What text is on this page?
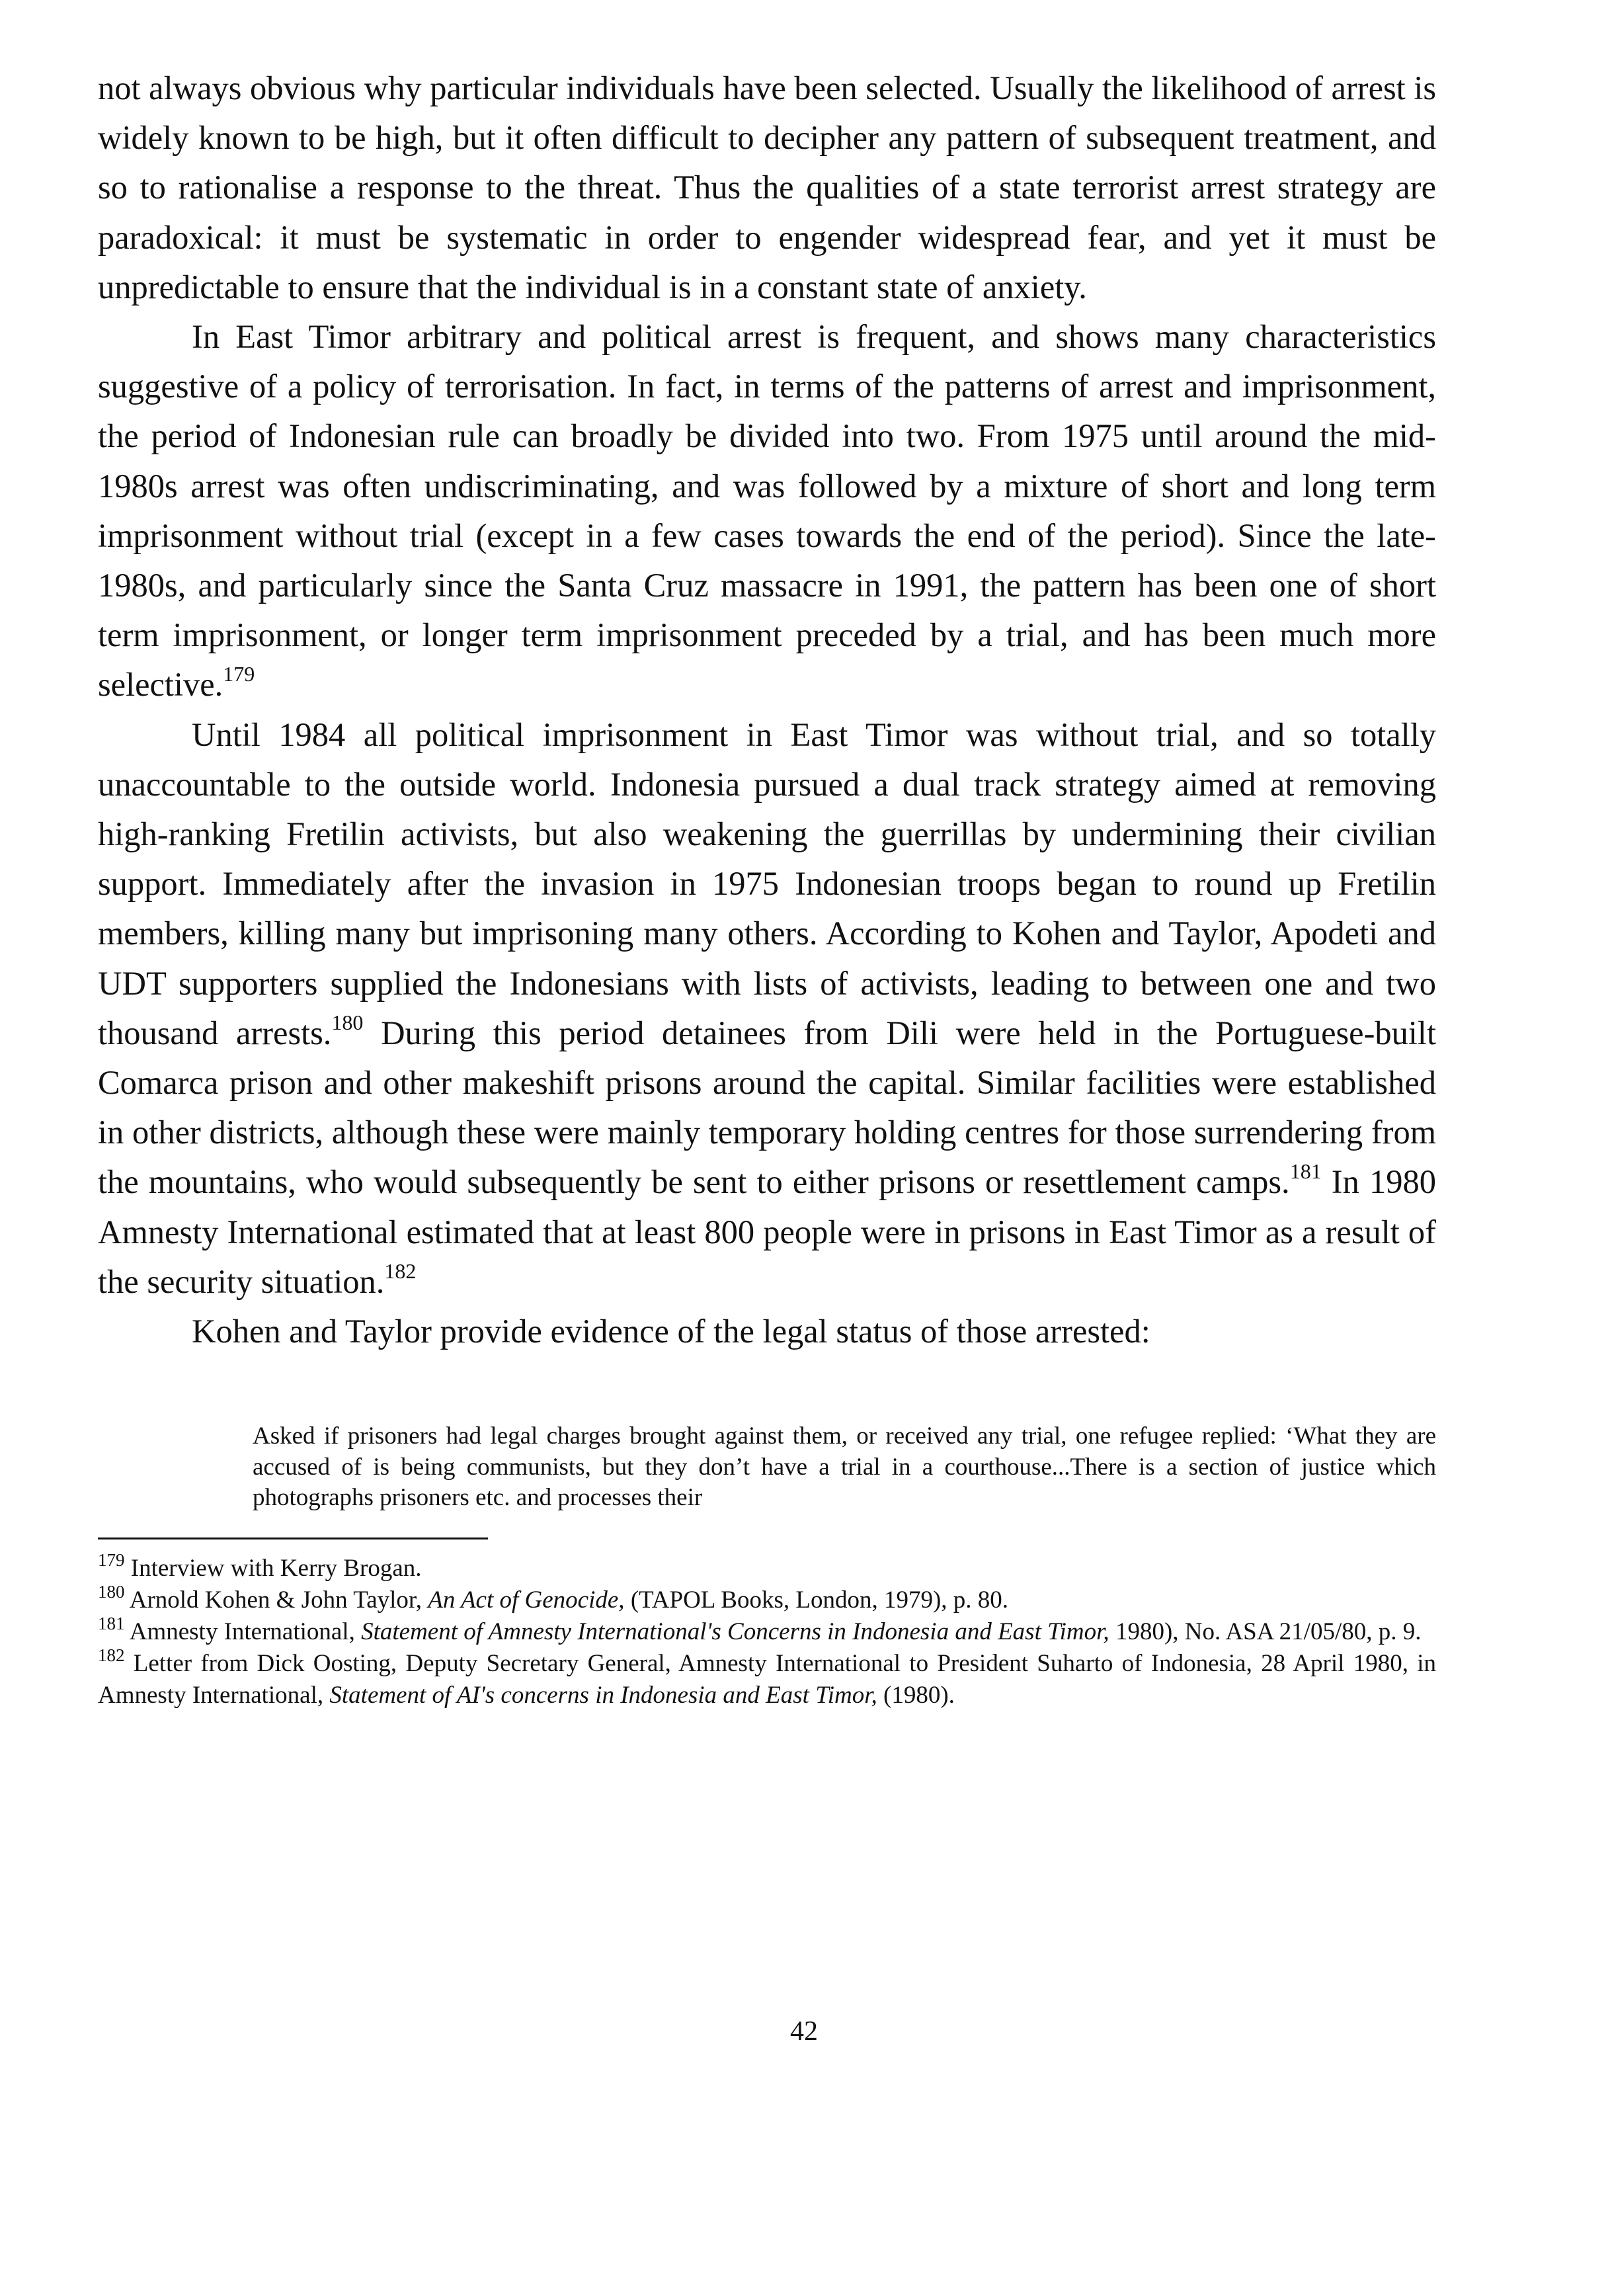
not always obvious why particular individuals have been selected. Usually the likelihood of arrest is widely known to be high, but it often difficult to decipher any pattern of subsequent treatment, and so to rationalise a response to the threat. Thus the qualities of a state terrorist arrest strategy are paradoxical: it must be systematic in order to engender widespread fear, and yet it must be unpredictable to ensure that the individual is in a constant state of anxiety.

In East Timor arbitrary and political arrest is frequent, and shows many characteristics suggestive of a policy of terrorisation. In fact, in terms of the patterns of arrest and imprisonment, the period of Indonesian rule can broadly be divided into two. From 1975 until around the mid-1980s arrest was often undiscriminating, and was followed by a mixture of short and long term imprisonment without trial (except in a few cases towards the end of the period). Since the late-1980s, and particularly since the Santa Cruz massacre in 1991, the pattern has been one of short term imprisonment, or longer term imprisonment preceded by a trial, and has been much more selective.$^{179}$

Until 1984 all political imprisonment in East Timor was without trial, and so totally unaccountable to the outside world. Indonesia pursued a dual track strategy aimed at removing high-ranking Fretilin activists, but also weakening the guerrillas by undermining their civilian support. Immediately after the invasion in 1975 Indonesian troops began to round up Fretilin members, killing many but imprisoning many others. According to Kohen and Taylor, Apodeti and UDT supporters supplied the Indonesians with lists of activists, leading to between one and two thousand arrests.$^{180}$ During this period detainees from Dili were held in the Portuguese-built Comarca prison and other makeshift prisons around the capital. Similar facilities were established in other districts, although these were mainly temporary holding centres for those surrendering from the mountains, who would subsequently be sent to either prisons or resettlement camps.$^{181}$ In 1980 Amnesty International estimated that at least 800 people were in prisons in East Timor as a result of the security situation.$^{182}$

Kohen and Taylor provide evidence of the legal status of those arrested:

Asked if prisoners had legal charges brought against them, or received any trial, one refugee replied: ‘What they are accused of is being communists, but they don’t have a trial in a courthouse...There is a section of justice which photographs prisoners etc. and processes their

$^{179}$ Interview with Kerry Brogan.

$^{180}$ Arnold Kohen & John Taylor, An Act of Genocide, (TAPOL Books, London, 1979), p. 80.

$^{181}$ Amnesty International, Statement of Amnesty International's Concerns in Indonesia and East Timor, 1980), No. ASA 21/05/80, p. 9.

$^{182}$ Letter from Dick Oosting, Deputy Secretary General, Amnesty International to President Suharto of Indonesia, 28 April 1980, in Amnesty International, Statement of AI's concerns in Indonesia and East Timor, (1980).

42
